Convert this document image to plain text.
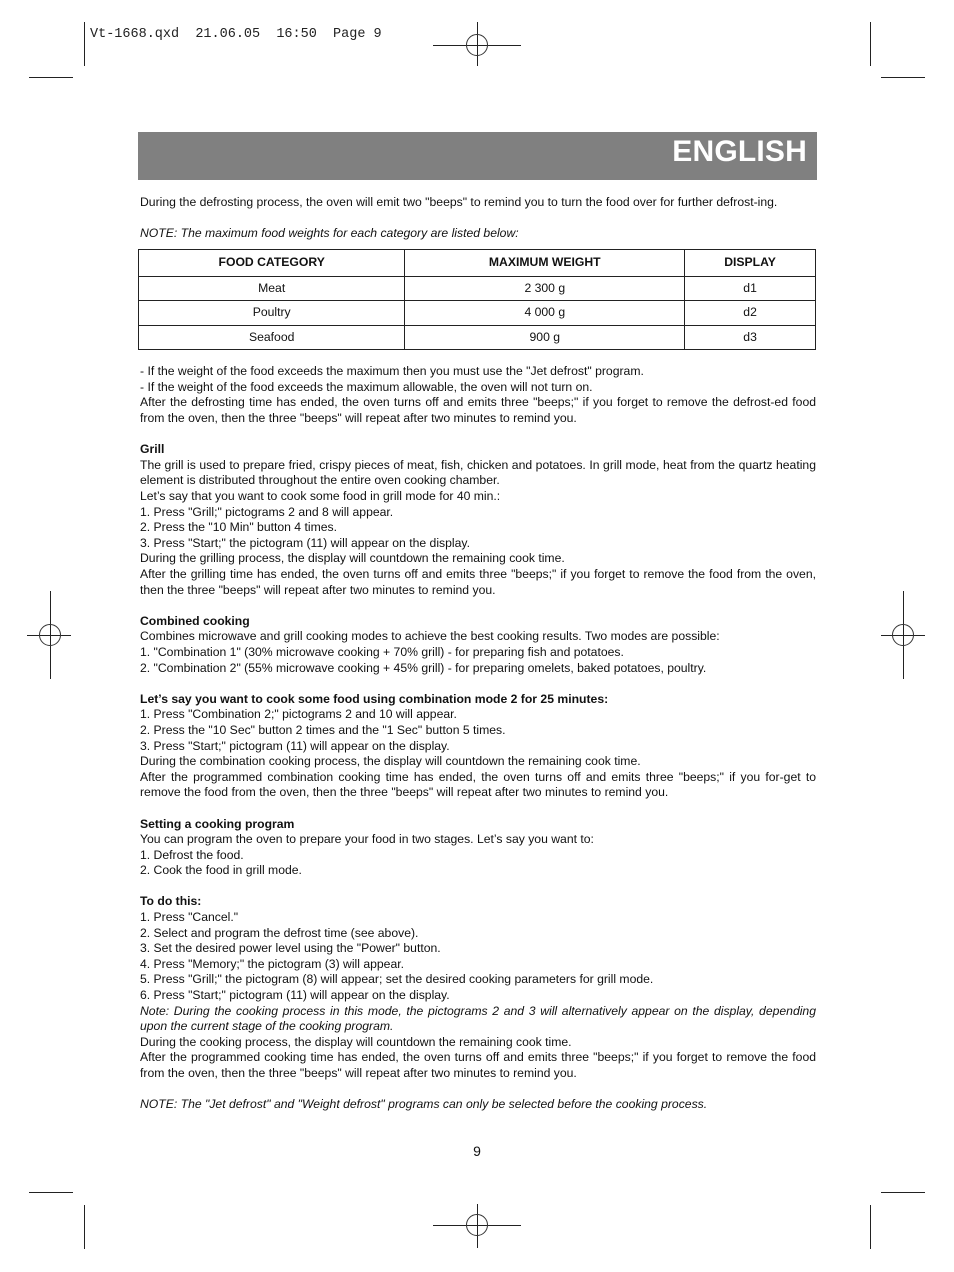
Vt-1668.qxd  21.06.05  16:50  Page 9
ENGLISH
During the defrosting process, the oven will emit two "beeps" to remind you to turn the food over for further defrost-ing.
NOTE: The maximum food weights for each category are listed below:
FOOD CATEGORY	MAXIMUM WEIGHT	DISPLAY
Meat	2 300 g	d1
Poultry	4 000 g	d2
Seafood	900 g	d3
- If the weight of the food exceeds the maximum then you must use the "Jet defrost" program.
- If the weight of the food exceeds the maximum allowable, the oven will not turn on.
After the defrosting time has ended, the oven turns off and emits three "beeps;" if you forget to remove the defrost-ed food from the oven, then the three "beeps" will repeat after two minutes to remind you.
Grill
The grill is used to prepare fried, crispy pieces of meat, fish, chicken and potatoes. In grill mode, heat from the quartz heating element is distributed throughout the entire oven cooking chamber.
Let’s say that you want to cook some food in grill mode for 40 min.:
1. Press "Grill;" pictograms 2 and 8 will appear.
2. Press the "10 Min" button 4 times.
3. Press "Start;" the pictogram (11) will appear on the display.
During the grilling process, the display will countdown the remaining cook time.
After the grilling time has ended, the oven turns off and emits three "beeps;" if you forget to remove the food from the oven, then the three "beeps" will repeat after two minutes to remind you.
Combined cooking
Combines microwave and grill cooking modes to achieve the best cooking results. Two modes are possible:
1. "Combination 1" (30% microwave cooking + 70% grill) - for preparing fish and potatoes.
2. "Combination 2" (55% microwave cooking + 45% grill) - for preparing omelets, baked potatoes, poultry.
Let’s say you want to cook some food using combination mode 2 for 25 minutes:
1. Press "Combination 2;" pictograms 2 and 10 will appear.
2. Press the "10 Sec" button 2 times and the "1 Sec" button 5 times.
3. Press "Start;" pictogram (11) will appear on the display.
During the combination cooking process, the display will countdown the remaining cook time.
After the programmed combination cooking time has ended, the oven turns off and emits three "beeps;" if you for-get to remove the food from the oven, then the three "beeps" will repeat after two minutes to remind you.
Setting a cooking program
You can program the oven to prepare your food in two stages. Let’s say you want to:
1. Defrost the food.
2. Cook the food in grill mode.
To do this:
1. Press "Cancel."
2. Select and program the defrost time (see above).
3. Set the desired power level using the "Power" button.
4. Press "Memory;" the pictogram (3) will appear.
5. Press "Grill;" the pictogram (8) will appear; set the desired cooking parameters for grill mode.
6. Press "Start;" pictogram (11) will appear on the display.
Note: During the cooking process in this mode, the pictograms 2 and 3 will alternatively appear on the display, depending upon the current stage of the cooking program.
During the cooking process, the display will countdown the remaining cook time.
After the programmed cooking time has ended, the oven turns off and emits three "beeps;" if you forget to remove the food from the oven, then the three "beeps" will repeat after two minutes to remind you.
NOTE: The "Jet defrost" and "Weight defrost" programs can only be selected before the cooking process.
9
